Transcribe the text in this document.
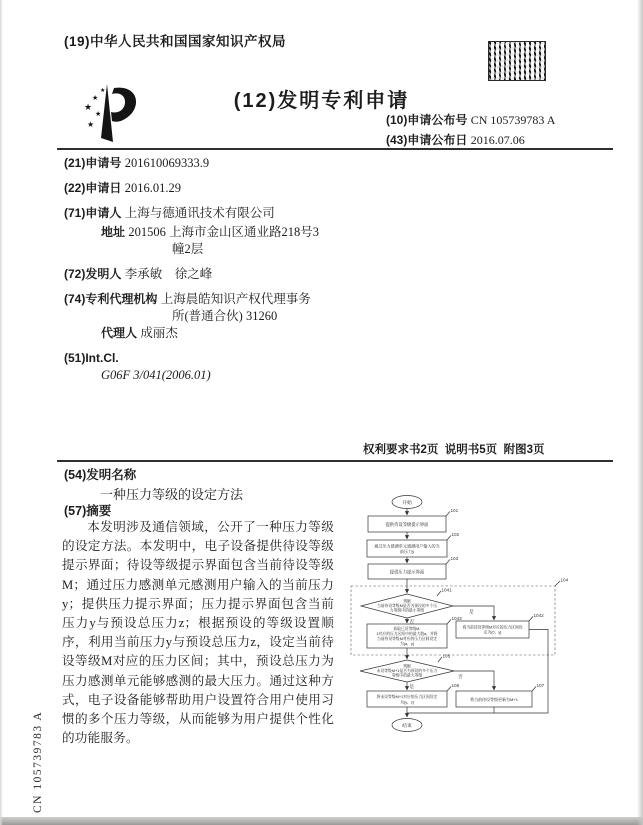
(19)中华人民共和国国家知识产权局
★
★
★
★
★
(12)发明专利申请
(10)申请公布号 CN 105739783 A
(43)申请公布日 2016.07.06
(21)申请号 201610069333.9
(22)申请日 2016.01.29
(71)申请人 上海与德通讯技术有限公司
地址 201506 上海市金山区通业路218号3
幢2层
(72)发明人 李承敏　徐之峰
(74)专利代理机构 上海晨皓知识产权代理事务
所(普通合伙) 31260
代理人 成丽杰
(51)Int.Cl.
G06F 3/041(2006.01)
权利要求书2页  说明书5页  附图3页
(54)发明名称
一种压力等级的设定方法
(57)摘要
本发明涉及通信领域，公开了一种压力等级的设定方法。本发明中，电子设备提供待设等级提示界面；待设等级提示界面包含当前待设等级M；通过压力感测单元感测用户输入的当前压力y；提供压力提示界面；压力提示界面包含当前压力y与预设总压力z；根据预设的等级设置顺序，利用当前压力y与预设总压力z，设定当前待设等级M对应的压力区间；其中，预设总压力为压力感测单元能够感测的最大压力。通过这种方式，电子设备能够帮助用户设置符合用户使用习惯的多个压力等级，从而能够为用户提供个性化的功能服务。
开始
提供待设等级提示界面
101
通过压力感测单元感测用户输入的当
前压力y
102
提供压力提示界面
103
104
判断
当前待设等级M是否为预设的多个压
力等级中的最小等级
1041
是
将当前待设等级M对应的压力区间设
定为(0，y]
1042
否
获取已设等级M-
1对应的压力区间中的最大值a，并将
当前待设等级M对应的压力区间设定
为(a，y]
1043
判断
未设等级M+1是否为预设的多个压力
等级中的最大等级
105
否
是
将未设等级M+1对应的压力区间设定
为(y，z]
106
将当前待设等级更新为M+1
107
结束
CN 105739783 A
